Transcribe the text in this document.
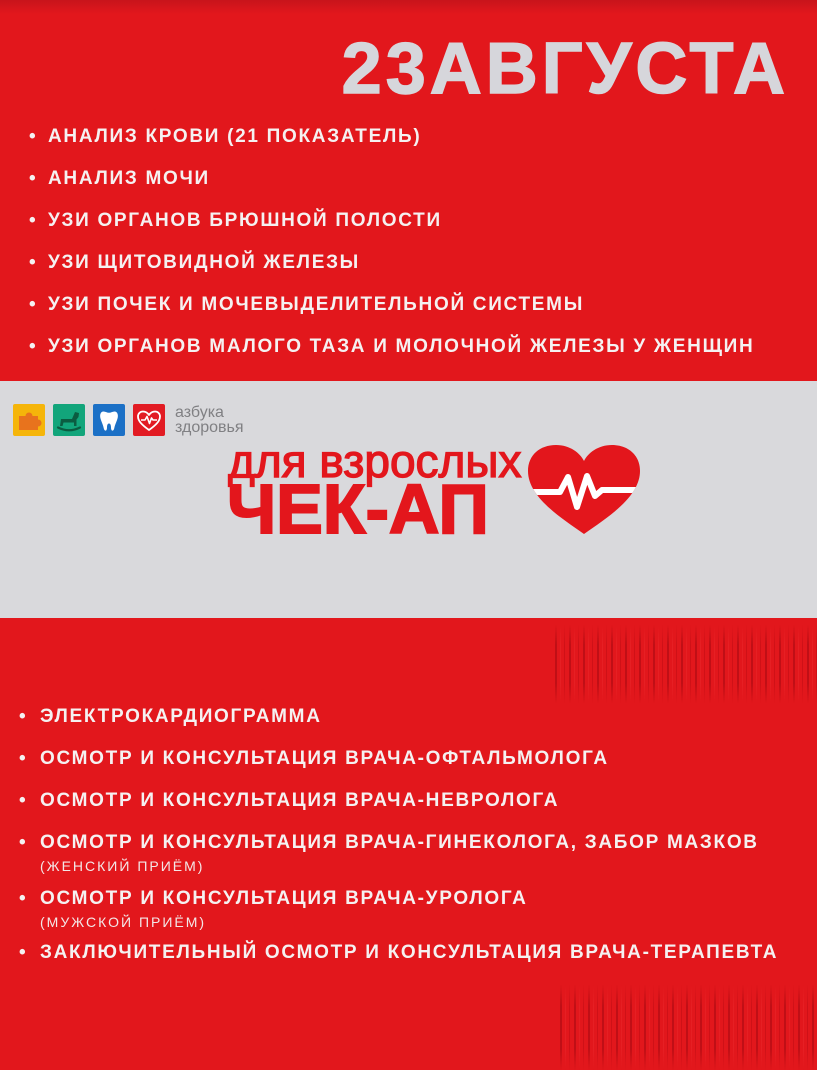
23АВГУСТА
• АНАЛИЗ КРОВИ (21 ПОКАЗАТЕЛЬ)
• АНАЛИЗ МОЧИ
• УЗИ ОРГАНОВ БРЮШНОЙ ПОЛОСТИ
• УЗИ ЩИТОВИДНОЙ ЖЕЛЕЗЫ
• УЗИ ПОЧЕК И МОЧЕВЫДЕЛИТЕЛЬНОЙ СИСТЕМЫ
• УЗИ ОРГАНОВ МАЛОГО ТАЗА И МОЛОЧНОЙ ЖЕЛЕЗЫ У ЖЕНЩИН
азбука
здоровья
для взрослых
ЧЕК-АП
• ЭЛЕКТРОКАРДИОГРАММА
• ОСМОТР И КОНСУЛЬТАЦИЯ ВРАЧА-ОФТАЛЬМОЛОГА
• ОСМОТР И КОНСУЛЬТАЦИЯ ВРАЧА-НЕВРОЛОГА
• ОСМОТР И КОНСУЛЬТАЦИЯ ВРАЧА-ГИНЕКОЛОГА, ЗАБОР МАЗКОВ
(ЖЕНСКИЙ ПРИЁМ)
• ОСМОТР И КОНСУЛЬТАЦИЯ ВРАЧА-УРОЛОГА
(МУЖСКОЙ ПРИЁМ)
• ЗАКЛЮЧИТЕЛЬНЫЙ ОСМОТР И КОНСУЛЬТАЦИЯ ВРАЧА-ТЕРАПЕВТА
